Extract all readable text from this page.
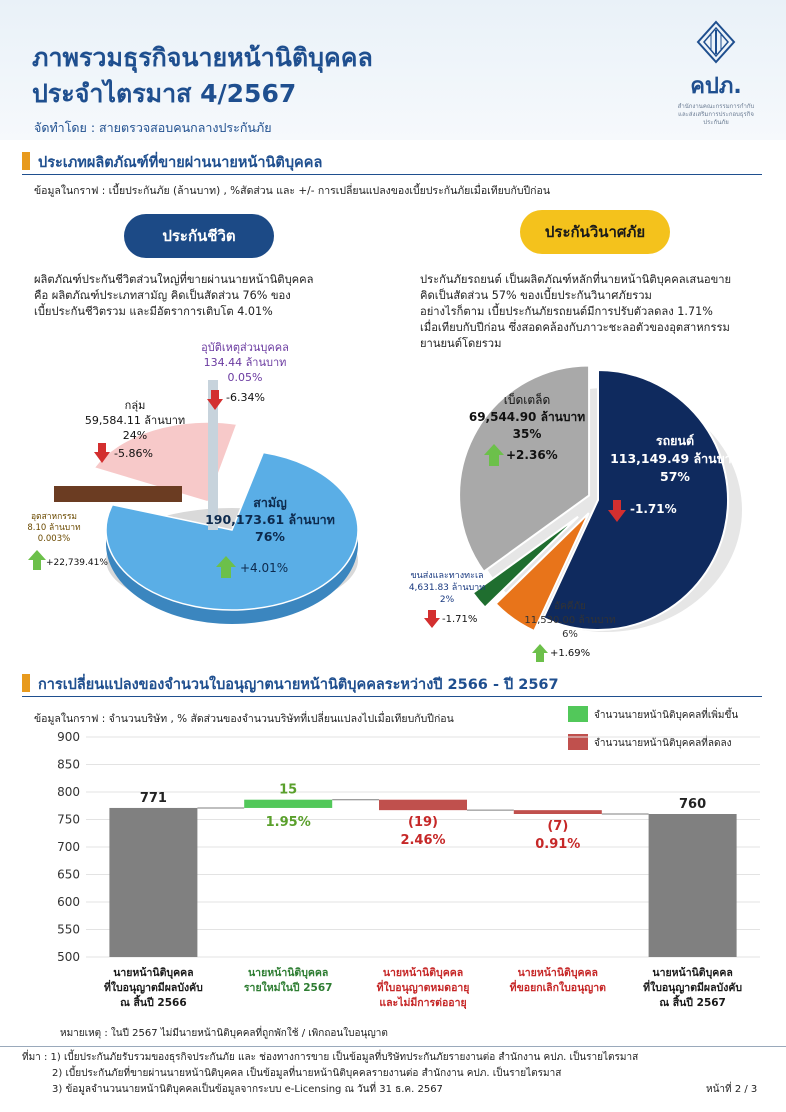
ภาพรวมธุรกิจนายหน้านิติบุคคล
ประจำไตรมาส 4/2567
จัดทำโดย : สายตรวจสอบคนกลางประกันภัย
คปภ.
สำนักงานคณะกรรมการกำกับและส่งเสริมการประกอบธุรกิจประกันภัย
ประเภทผลิตภัณฑ์ที่ขายผ่านนายหน้านิติบุคคล
ข้อมูลในกราฟ : เบี้ยประกันภัย (ล้านบาท) , %สัดส่วน และ +/- การเปลี่ยนแปลงของเบี้ยประกันภัยเมื่อเทียบกับปีก่อน
ประกันชีวิต	ประกันวินาศภัย
ผลิตภัณฑ์ประกันชีวิตส่วนใหญ่ที่ขายผ่านนายหน้านิติบุคคล
คือ ผลิตภัณฑ์ประเภทสามัญ คิดเป็นสัดส่วน 76% ของ
เบี้ยประกันชีวิตรวม และมีอัตราการเติบโต 4.01%
ประกันภัยรถยนต์ เป็นผลิตภัณฑ์หลักที่นายหน้านิติบุคคลเสนอขาย
คิดเป็นสัดส่วน 57% ของเบี้ยประกันวินาศภัยรวม
อย่างไรก็ตาม เบี้ยประกันภัยรถยนต์มีการปรับตัวลดลง 1.71%
เมื่อเทียบกับปีก่อน ซึ่งสอดคล้องกับภาวะชะลอตัวของอุตสาหกรรม
ยานยนต์โดยรวม
อุบัติเหตุส่วนบุคคล
134.44 ล้านบาท
0.05%
-6.34%
กลุ่ม
59,584.11 ล้านบาท
24%
-5.86%
สามัญ
190,173.61 ล้านบาท
76%
+4.01%
อุตสาหกรรม
8.10 ล้านบาท
0.003%
+22,739.41%
เบ็ดเตล็ด
69,544.90 ล้านบาท
35%
+2.36%
รถยนต์
113,149.49 ล้านบาท
57%
-1.71%
ขนส่งและทางทะเล
4,631.83 ล้านบาท
2%
-1.71%
อัคคีภัย
11,530.00 ล้านบาท
6%
+1.69%
การเปลี่ยนแปลงของจำนวนใบอนุญาตนายหน้านิติบุคคลระหว่างปี 2566 - ปี 2567
ข้อมูลในกราฟ : จำนวนบริษัท , % สัดส่วนของจำนวนบริษัทที่เปลี่ยนแปลงไปเมื่อเทียบกับปีก่อน	จำนวนนายหน้านิติบุคคลที่เพิ่มขึ้น
จำนวนนายหน้านิติบุคคลที่ลดลง
900
850
800
750
700
650
600
550
500
771
15
1.95%	(19)
2.46%
(7)
0.91%
760
นายหน้านิติบุคคล
ที่ใบอนุญาตมีผลบังคับ
ณ สิ้นปี 2566
นายหน้านิติบุคคล
รายใหม่ในปี 2567
นายหน้านิติบุคคล
ที่ใบอนุญาตหมดอายุ
และไม่มีการต่ออายุ
นายหน้านิติบุคคล
ที่ขอยกเลิกใบอนุญาต
นายหน้านิติบุคคล
ที่ใบอนุญาตมีผลบังคับ
ณ สิ้นปี 2567
หมายเหตุ : ในปี 2567 ไม่มีนายหน้านิติบุคคลที่ถูกพักใช้ / เพิกถอนใบอนุญาต
ที่มา : 1) เบี้ยประกันภัยรับรวมของธุรกิจประกันภัย และ ช่องทางการขาย เป็นข้อมูลที่บริษัทประกันภัยรายงานต่อ สำนักงาน คปภ. เป็นรายไตรมาส
2) เบี้ยประกันภัยที่ขายผ่านนายหน้านิติบุคคล เป็นข้อมูลที่นายหน้านิติบุคคลรายงานต่อ สำนักงาน คปภ. เป็นรายไตรมาส
3) ข้อมูลจำนวนนายหน้านิติบุคคลเป็นข้อมูลจากระบบ e-Licensing ณ วันที่ 31 ธ.ค. 2567	หน้าที่ 2 / 3
